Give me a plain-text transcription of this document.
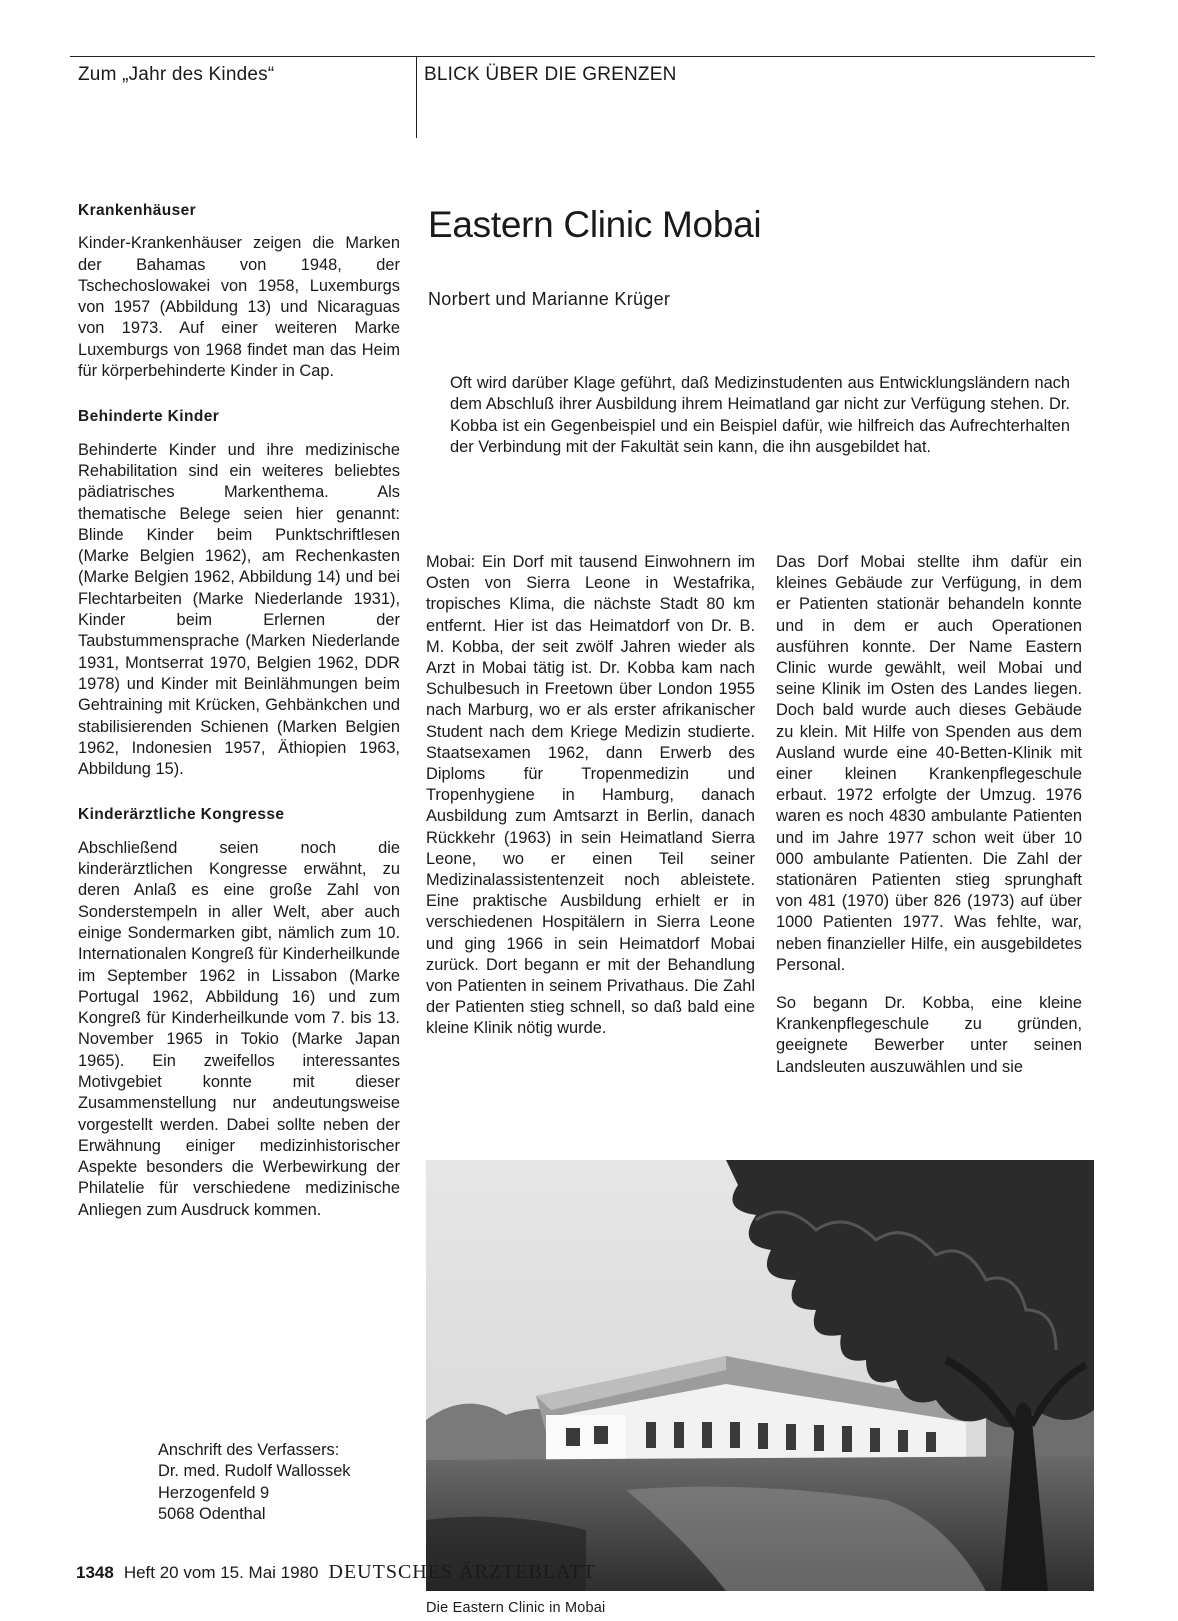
Zum „Jahr des Kindes“	BLICK ÜBER DIE GRENZEN
Krankenhäuser

Kinder-Krankenhäuser zeigen die Marken der Bahamas von 1948, der Tschechoslowakei von 1958, Luxemburgs von 1957 (Abbildung 13) und Nicaraguas von 1973. Auf einer weiteren Marke Luxemburgs von 1968 findet man das Heim für körperbehinderte Kinder in Cap.

Behinderte Kinder

Behinderte Kinder und ihre medizinische Rehabilitation sind ein weiteres beliebtes pädiatrisches Markenthema. Als thematische Belege seien hier genannt: Blinde Kinder beim Punktschriftlesen (Marke Belgien 1962), am Rechenkasten (Marke Belgien 1962, Abbildung 14) und bei Flechtarbeiten (Marke Niederlande 1931), Kinder beim Erlernen der Taubstummensprache (Marken Niederlande 1931, Montserrat 1970, Belgien 1962, DDR 1978) und Kinder mit Beinlähmungen beim Gehtraining mit Krücken, Gehbänkchen und stabilisierenden Schienen (Marken Belgien 1962, Indonesien 1957, Äthiopien 1963, Abbildung 15).

Kinderärztliche Kongresse

Abschließend seien noch die kinderärztlichen Kongresse erwähnt, zu deren Anlaß es eine große Zahl von Sonderstempeln in aller Welt, aber auch einige Sondermarken gibt, nämlich zum 10. Internationalen Kongreß für Kinderheilkunde im September 1962 in Lissabon (Marke Portugal 1962, Abbildung 16) und zum Kongreß für Kinderheilkunde vom 7. bis 13. November 1965 in Tokio (Marke Japan 1965). Ein zweifellos interessantes Motivgebiet konnte mit dieser Zusammenstellung nur andeutungsweise vorgestellt werden. Dabei sollte neben der Erwähnung einiger medizinhistorischer Aspekte besonders die Werbewirkung der Philatelie für verschiedene medizinische Anliegen zum Ausdruck kommen.

Anschrift des Verfassers:
Dr. med. Rudolf Wallossek
Herzogenfeld 9
5068 Odenthal
Eastern Clinic Mobai
Norbert und Marianne Krüger
Oft wird darüber Klage geführt, daß Medizinstudenten aus Entwicklungsländern nach dem Abschluß ihrer Ausbildung ihrem Heimatland gar nicht zur Verfügung stehen. Dr. Kobba ist ein Gegenbeispiel und ein Beispiel dafür, wie hilfreich das Aufrechterhalten der Verbindung mit der Fakultät sein kann, die ihn ausgebildet hat.

Mobai: Ein Dorf mit tausend Einwohnern im Osten von Sierra Leone in Westafrika, tropisches Klima, die nächste Stadt 80 km entfernt. Hier ist das Heimatdorf von Dr. B. M. Kobba, der seit zwölf Jahren wieder als Arzt in Mobai tätig ist. Dr. Kobba kam nach Schulbesuch in Freetown über London 1955 nach Marburg, wo er als erster afrikanischer Student nach dem Kriege Medizin studierte. Staatsexamen 1962, dann Erwerb des Diploms für Tropenmedizin und Tropenhygiene in Hamburg, danach Ausbildung zum Amtsarzt in Berlin, danach Rückkehr (1963) in sein Heimatland Sierra Leone, wo er einen Teil seiner Medizinalassistentenzeit noch ableistete. Eine praktische Ausbildung erhielt er in verschiedenen Hospitälern in Sierra Leone und ging 1966 in sein Heimatdorf Mobai zurück. Dort begann er mit der Behandlung von Patienten in seinem Privathaus. Die Zahl der Patienten stieg schnell, so daß bald eine kleine Klinik nötig wurde.

Das Dorf Mobai stellte ihm dafür ein kleines Gebäude zur Verfügung, in dem er Patienten stationär behandeln konnte und in dem er auch Operationen ausführen konnte. Der Name Eastern Clinic wurde gewählt, weil Mobai und seine Klinik im Osten des Landes liegen. Doch bald wurde auch dieses Gebäude zu klein. Mit Hilfe von Spenden aus dem Ausland wurde eine 40-Betten-Klinik mit einer kleinen Krankenpflegeschule erbaut. 1972 erfolgte der Umzug. 1976 waren es noch 4830 ambulante Patienten und im Jahre 1977 schon weit über 10 000 ambulante Patienten. Die Zahl der stationären Patienten stieg sprunghaft von 481 (1970) über 826 (1973) auf über 1000 Patienten 1977. Was fehlte, war, neben finanzieller Hilfe, ein ausgebildetes Personal.

So begann Dr. Kobba, eine kleine Krankenpflegeschule zu gründen, geeignete Bewerber unter seinen Landsleuten auszuwählen und sie

Die Eastern Clinic in Mobai
1348 Heft 20 vom 15. Mai 1980 DEUTSCHES ÄRZTEBLATT
